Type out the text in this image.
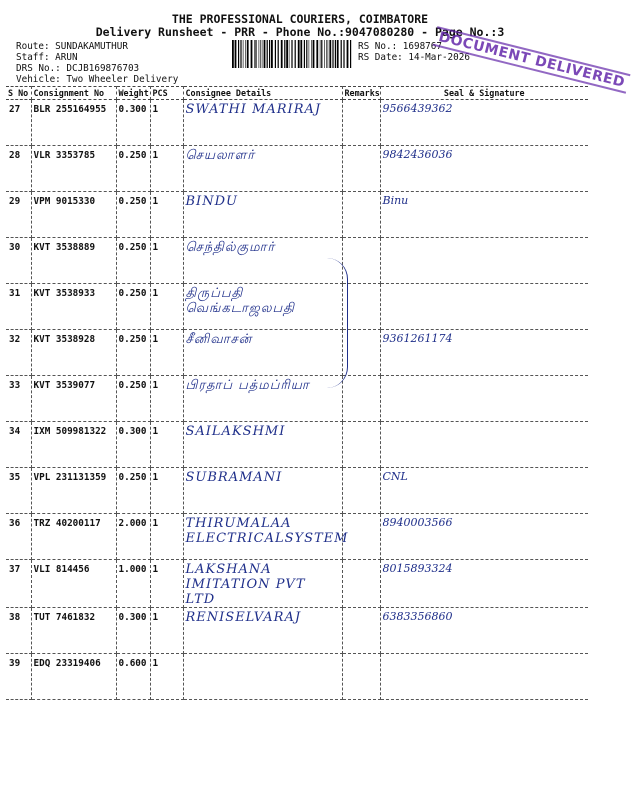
THE PROFESSIONAL COURIERS, COIMBATORE
Delivery Runsheet - PRR - Phone No.:9047080280 - Page No.:3
Route: SUNDAKAMUTHUR
Staff: ARUN
DRS No.: DCJB169876703
Vehicle: Two Wheeler Delivery
RS No.: 1698767
RS Date: 14-Mar-2026
DOCUMENT DELIVERED
S No	Consignment No	Weight	PCS	Consignee Details	Remarks	Seal & Signature
27	BLR 255164955	0.300	1	SWATHI MARIRAJ		9566439362
28	VLR 3353785	0.250	1	செயலாளர்		9842436036
29	VPM 9015330	0.250	1	BINDU		Binu
30	KVT 3538889	0.250	1	செந்தில்குமார்		
31	KVT 3538933	0.250	1	திருப்பதி வெங்கடாஜலபதி		
32	KVT 3538928	0.250	1	சீனிவாசன்		9361261174
33	KVT 3539077	0.250	1	பிரதாப் பத்மப்ரியா		
34	IXM 509981322	0.300	1	SAILAKSHMI		
35	VPL 231131359	0.250	1	SUBRAMANI		CNL
36	TRZ 40200117	2.000	1	THIRUMALAA ELECTRICALSYSTEM		8940003566
37	VLI 814456	1.000	1	LAKSHANA IMITATION PVT LTD		8015893324
38	TUT 7461832	0.300	1	RENISELVARAJ		6383356860
39	EDQ 23319406	0.600	1			
